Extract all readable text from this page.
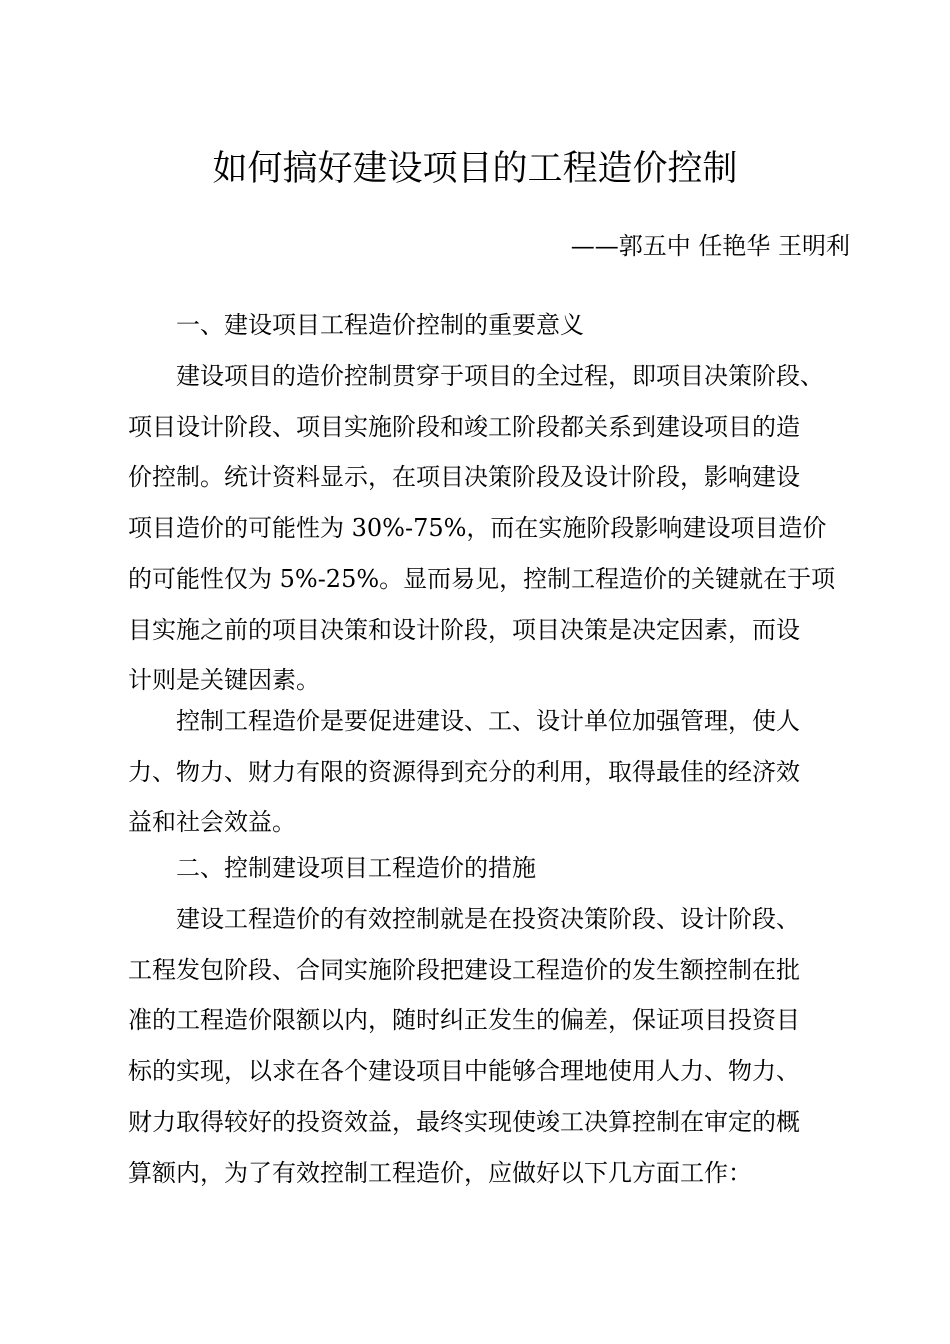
如何搞好建设项目的工程造价控制
——郭五中 任艳华 王明利
一、建设项目工程造价控制的重要意义
建设项目的造价控制贯穿于项目的全过程，即项目决策阶段、
项目设计阶段、项目实施阶段和竣工阶段都关系到建设项目的造
价控制。统计资料显示，在项目决策阶段及设计阶段，影响建设
项目造价的可能性为 30%-75%，而在实施阶段影响建设项目造价
的可能性仅为 5%-25%。显而易见，控制工程造价的关键就在于项
目实施之前的项目决策和设计阶段，项目决策是决定因素，而设
计则是关键因素。
控制工程造价是要促进建设、工、设计单位加强管理，使人
力、物力、财力有限的资源得到充分的利用，取得最佳的经济效
益和社会效益。
二、控制建设项目工程造价的措施
建设工程造价的有效控制就是在投资决策阶段、设计阶段、
工程发包阶段、合同实施阶段把建设工程造价的发生额控制在批
准的工程造价限额以内，随时纠正发生的偏差，保证项目投资目
标的实现，以求在各个建设项目中能够合理地使用人力、物力、
财力取得较好的投资效益，最终实现使竣工决算控制在审定的概
算额内，为了有效控制工程造价，应做好以下几方面工作：
